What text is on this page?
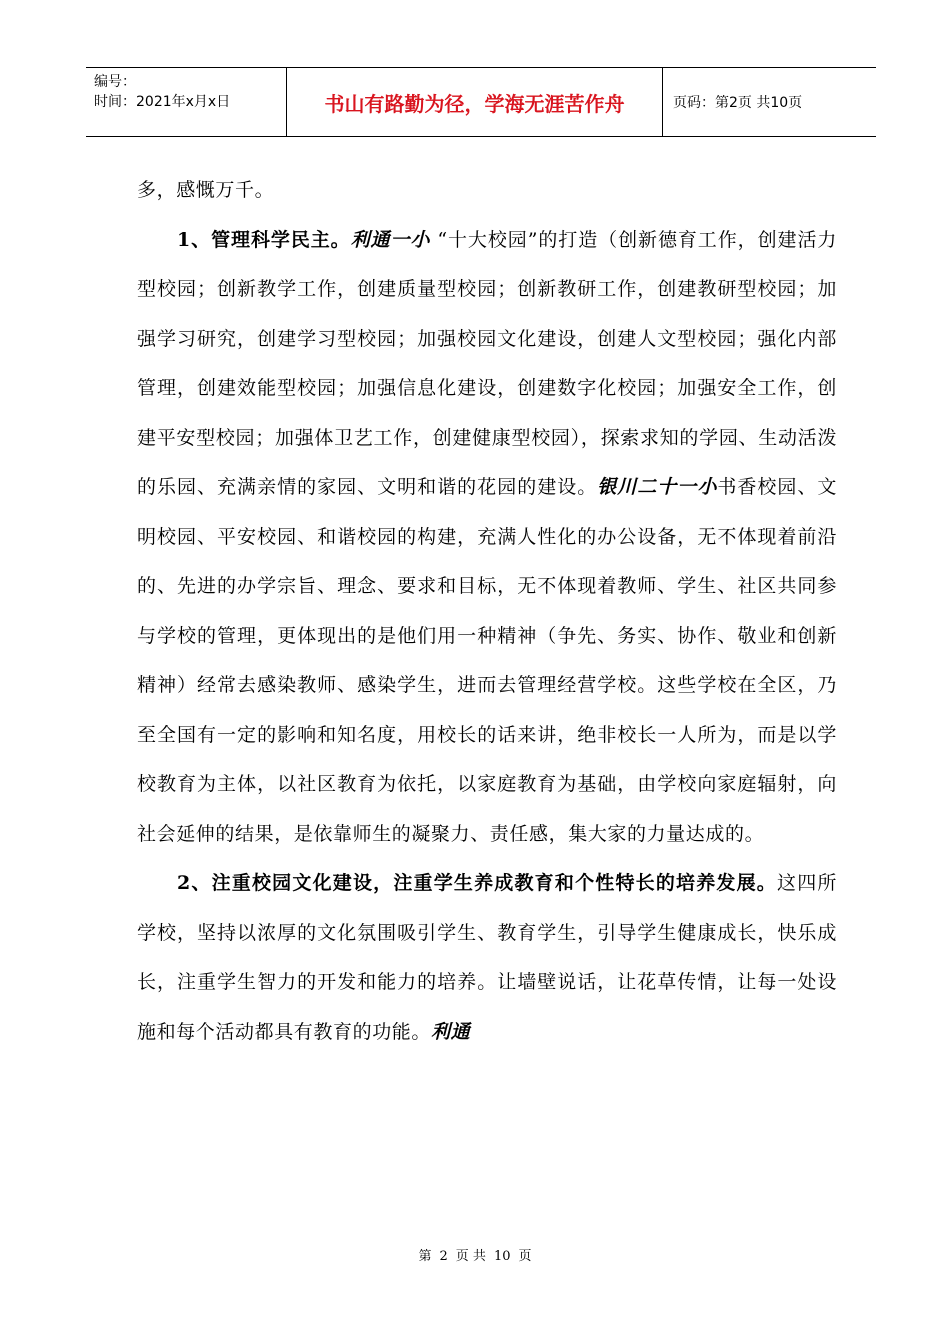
编号：
时间：2021年x月x日	书山有路勤为径，学海无涯苦作舟	页码：第2页 共10页

多，感慨万千。

1、管理科学民主。利通一小 “十大校园”的打造（创新德育工作，创建活力型校园；创新教学工作，创建质量型校园；创新教研工作，创建教研型校园；加强学习研究，创建学习型校园；加强校园文化建设，创建人文型校园；强化内部管理，创建效能型校园；加强信息化建设，创建数字化校园；加强安全工作，创建平安型校园；加强体卫艺工作，创建健康型校园），探索求知的学园、生动活泼的乐园、充满亲情的家园、文明和谐的花园的建设。银川二十一小书香校园、文明校园、平安校园、和谐校园的构建，充满人性化的办公设备，无不体现着前沿的、先进的办学宗旨、理念、要求和目标，无不体现着教师、学生、社区共同参与学校的管理，更体现出的是他们用一种精神（争先、务实、协作、敬业和创新精神）经常去感染教师、感染学生，进而去管理经营学校。这些学校在全区，乃至全国有一定的影响和知名度，用校长的话来讲，绝非校长一人所为，而是以学校教育为主体，以社区教育为依托，以家庭教育为基础，由学校向家庭辐射，向社会延伸的结果，是依靠师生的凝聚力、责任感，集大家的力量达成的。

2、注重校园文化建设，注重学生养成教育和个性特长的培养发展。这四所学校，坚持以浓厚的文化氛围吸引学生、教育学生，引导学生健康成长，快乐成长，注重学生智力的开发和能力的培养。让墙壁说话，让花草传情，让每一处设施和每个活动都具有教育的功能。利通

第 2 页 共 10 页
